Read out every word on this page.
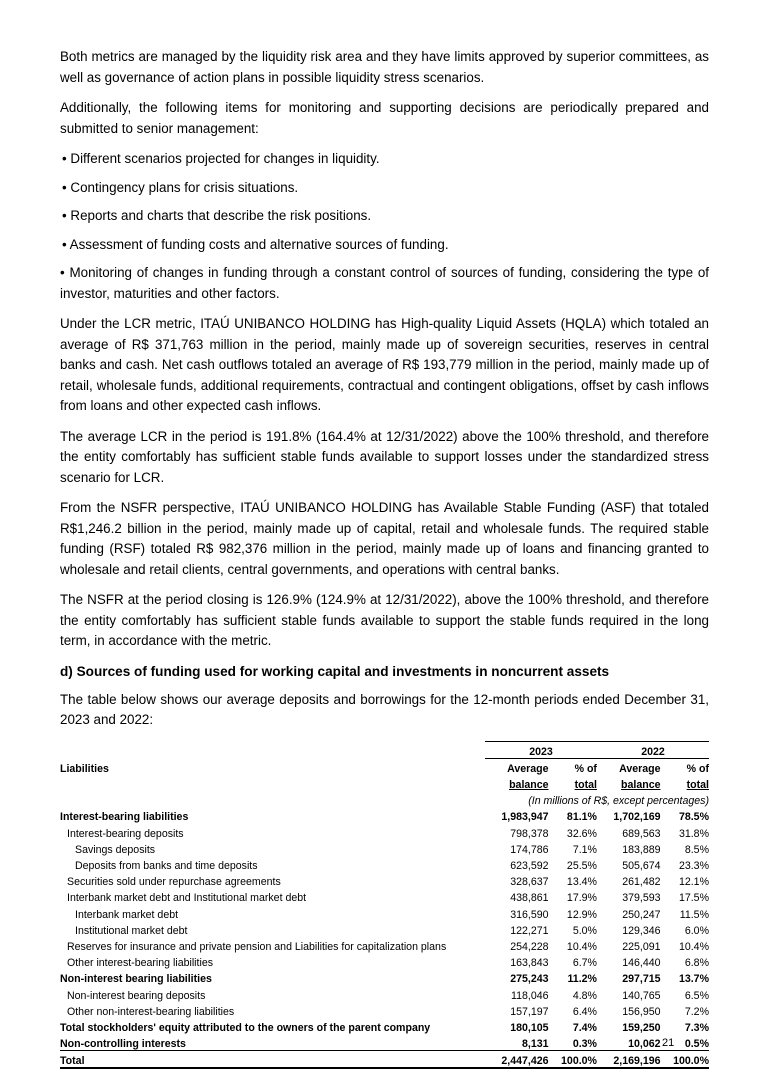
Both metrics are managed by the liquidity risk area and they have limits approved by superior committees, as well as governance of action plans in possible liquidity stress scenarios.

Additionally, the following items for monitoring and supporting decisions are periodically prepared and submitted to senior management:

• Different scenarios projected for changes in liquidity.

• Contingency plans for crisis situations.

• Reports and charts that describe the risk positions.

• Assessment of funding costs and alternative sources of funding.

• Monitoring of changes in funding through a constant control of sources of funding, considering the type of investor, maturities and other factors.

Under the LCR metric, ITAÚ UNIBANCO HOLDING has High-quality Liquid Assets (HQLA) which totaled an average of R$ 371,763 million in the period, mainly made up of sovereign securities, reserves in central banks and cash. Net cash outflows totaled an average of R$ 193,779 million in the period, mainly made up of retail, wholesale funds, additional requirements, contractual and contingent obligations, offset by cash inflows from loans and other expected cash inflows.

The average LCR in the period is 191.8% (164.4% at 12/31/2022) above the 100% threshold, and therefore the entity comfortably has sufficient stable funds available to support losses under the standardized stress scenario for LCR.

From the NSFR perspective, ITAÚ UNIBANCO HOLDING has Available Stable Funding (ASF) that totaled R$1,246.2 billion in the period, mainly made up of capital, retail and wholesale funds. The required stable funding (RSF) totaled R$ 982,376 million in the period, mainly made up of loans and financing granted to wholesale and retail clients, central governments, and operations with central banks.

The NSFR at the period closing is 126.9% (124.9% at 12/31/2022), above the 100% threshold, and therefore the entity comfortably has sufficient stable funds available to support the stable funds required in the long term, in accordance with the metric.

d) Sources of funding used for working capital and investments in noncurrent assets

The table below shows our average deposits and borrowings for the 12-month periods ended December 31, 2023 and 2022:

	2023		2022	
Liabilities	Average	% of		Average	% of
	balance	total		balance	total
	(In millions of R$, except percentages)			
Interest-bearing liabilities	1,983,947	81.1%		1,702,169	78.5%
Interest-bearing deposits	798,378	32.6%		689,563	31.8%
Savings deposits	174,786	7.1%		183,889	8.5%
Deposits from banks and time deposits	623,592	25.5%		505,674	23.3%
Securities sold under repurchase agreements	328,637	13.4%		261,482	12.1%
Interbank market debt and Institutional market debt	438,861	17.9%		379,593	17.5%
Interbank market debt	316,590	12.9%		250,247	11.5%
Institutional market debt	122,271	5.0%		129,346	6.0%
Reserves for insurance and private pension and Liabilities for capitalization plans	254,228	10.4%		225,091	10.4%
Other interest-bearing liabilities	163,843	6.7%		146,440	6.8%
Non-interest bearing liabilities	275,243	11.2%		297,715	13.7%
Non-interest bearing deposits	118,046	4.8%		140,765	6.5%
Other non-interest-bearing liabilities	157,197	6.4%		156,950	7.2%
Total stockholders' equity attributed to the owners of the parent company	180,105	7.4%		159,250	7.3%
Non-controlling interests	8,131	0.3%		10,062	0.5%
Total	2,447,426	100.0%		2,169,196	100.0%
21
